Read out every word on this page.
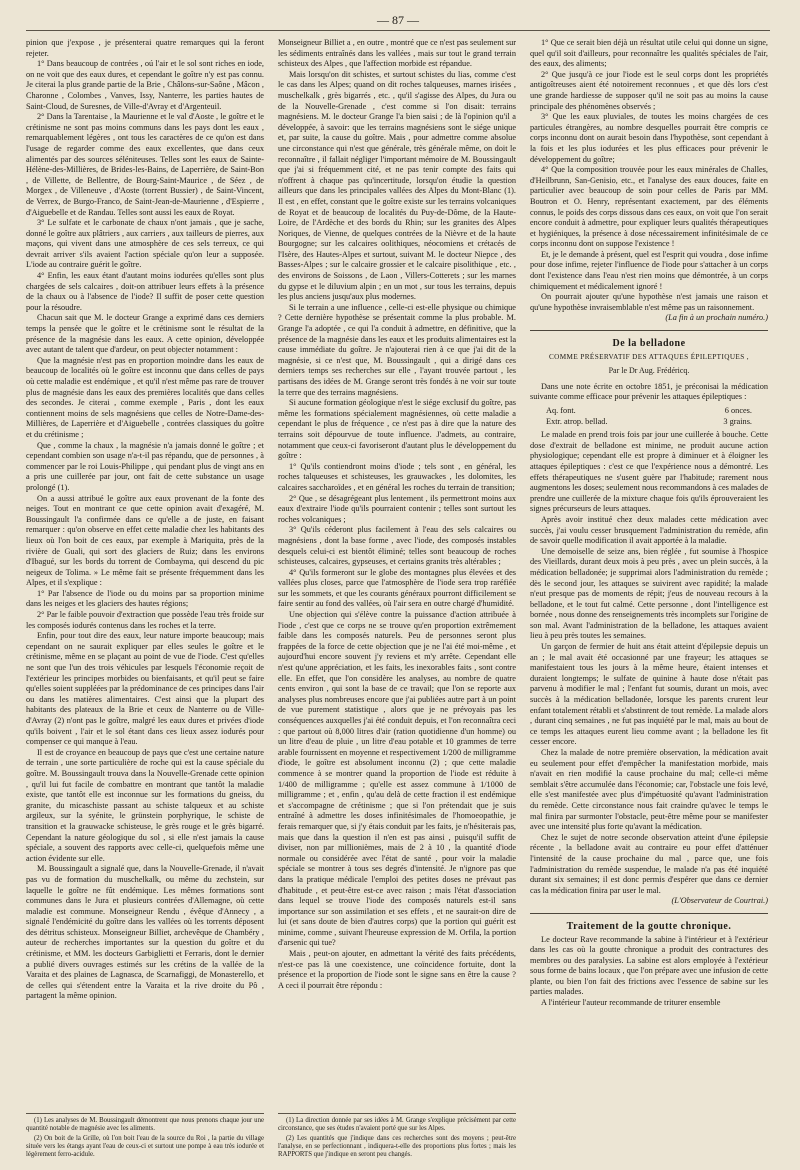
— 87 —

pinion que j'expose , je présenterai quatre remarques qui la feront rejeter.

1° Dans beaucoup de contrées , oú l'air et le sol sont riches en iode, on ne voit que des eaux dures, et cependant le goître n'y est pas connu. Je citerai la plus grande partie de la Brie , Châlons-sur-Saône , Mâcon , Charonne , Colombes , Vanves, Issy, Nanterre, les parties hautes de Saint-Cloud, de Suresnes, de Ville-d'Avray et d'Argenteuil.

2° Dans la Tarentaise , la Maurienne et le val d'Aoste , le goître et le crétinisme ne sont pas moins communs dans les pays dont les eaux , remarquablement légères , ont tous les caractères de ce qu'on est dans l'usage de regarder comme des eaux excellentes, que dans ceux alimentés par des sources séléniteuses. Telles sont les eaux de Sainte-Hélène-des-Millières, de Brides-les-Bains, de Laperrière, de Saint-Bon , de Villette, de Bellentre, de Bourg-Saint-Maurice , de Séez , de Morgex , de Villeneuve , d'Aoste (torrent Bussier) , de Saint-Vincent, de Verrex, de Burgo-Franco, de Saint-Jean-de-Maurienne , d'Espierre , d'Aiguebelle et de Randau. Telles sont aussi les eaux de Royat.

3° Le sulfate et le carbonate de chaux n'ont jamais , que je sache, donné le goître aux plâtriers , aux carriers , aux tailleurs de pierres, aux maçons, qui vivent dans une atmosphère de ces sels terreux, ce qui devrait arriver s'ils avaient l'action spéciale qu'on leur a supposée. L'iode au contraire guérit le goître.

4° Enfin, les eaux étant d'autant moins iodurées qu'elles sont plus chargées de sels calcaires , doit-on attribuer leurs effets à la présence de la chaux ou à l'absence de l'iode? Il suffit de poser cette question pour la résoudre.

Chacun sait que M. le docteur Grange a exprimé dans ces derniers temps la pensée que le goître et le crétinisme sont le résultat de la présence de la magnésie dans les eaux. A cette opinion, développée avec autant de talent que d'ardeur, on peut objecter notamment :

Que la magnésie n'est pas en proportion moindre dans les eaux de beaucoup de localités où le goître est inconnu que dans celles de pays où cette maladie est endémique , et qu'il n'est même pas rare de trouver plus de magnésie dans les eaux des premières localités que dans celles des secondes. Je citerai , comme exemple , Paris , dont les eaux contiennent moins de sels magnésiens que celles de Notre-Dame-des-Millières, de Laperrière et d'Aiguebelle , contrées classiques du goître et du crétinisme ;

Que , comme la chaux , la magnésie n'a jamais donné le goître ; et cependant combien son usage n'a-t-il pas répandu, que de personnes , à commencer par le roi Louis-Philippe , qui pendant plus de vingt ans en a pris une cuillerée par jour, ont fait de cette substance un usage prolongé (1).

On a aussi attribué le goître aux eaux provenant de la fonte des neiges. Tout en montrant ce que cette opinion avait d'exagéré, M. Boussingault l'a confirmée dans ce qu'elle a de juste, en faisant remarquer : qu'on observe en effet cette maladie chez les habitants des lieux où l'on boit de ces eaux, par exemple à Mariquita, près de la rivière de Guali, qui sort des glaciers de Ruiz; dans les environs d'Ibagué, sur les bords du torrent de Combayma, qui descend du pic neigeux de Tolima. » Le même fait se présente fréquemment dans les Alpes, et il s'explique :

1° Par l'absence de l'iode ou du moins par sa proportion minime dans les neiges et les glaciers des hautes régions;

2° Par le faible pouvoir d'extraction que possède l'eau très froide sur les composés iodurés contenus dans les roches et la terre.

Enfin, pour tout dire des eaux, leur nature importe beaucoup; mais cependant on ne saurait expliquer par elles seules le goître et le crétinisme, même en se plaçant au point de vue de l'iode. C'est qu'elles ne sont que l'un des trois véhicules par lesquels l'économie reçoit de l'extérieur les principes morbides ou bienfaisants, et qu'il peut se faire qu'elles soient suppléées par la prédominance de ces principes dans l'air ou dans les matières alimentaires. C'est ainsi que la plupart des habitants des plateaux de la Brie et ceux de Nanterre ou de Ville-d'Avray (2) n'ont pas le goître, malgré les eaux dures et privées d'iode qu'ils boivent , l'air et le sol étant dans ces lieux assez iodurés pour compenser ce qui manque à l'eau.

Il est de croyance en beaucoup de pays que c'est une certaine nature de terrain , une sorte particulière de roche qui est la cause spéciale du goître. M. Boussingault trouva dans la Nouvelle-Grenade cette opinion , qu'il lui fut facile de combattre en montrant que tantôt la maladie existe, que tantôt elle est inconnue sur les formations du gneiss, du granite, du micaschiste passant au schiste talqueux et au schiste argileux, sur la syénite, le grünstein porphyrique, le schiste de transition et la grauwacke schisteuse, le grès rouge et le grès bigarré. Cependant la nature géologique du sol , si elle n'est jamais la cause spéciale, a souvent des rapports avec celle-ci, quelquefois même une action évidente sur elle.

M. Boussingault a signalé que, dans la Nouvelle-Grenade, il n'avait pas vu de formation du muschelkalk, ou même du zechstein, sur laquelle le goître ne fût endémique. Les mêmes formations sont communes dans le Jura et plusieurs contrées d'Allemagne, où cette maladie est commune. Monseigneur Rendu , évêque d'Annecy , a signalé l'endémicité du goître dans les vallées où les torrents déposent des détritus schisteux. Monseigneur Billiet, archevêque de Chambéry , auteur de recherches importantes sur la question du goître et du crétinisme, et MM. les docteurs Garbiglietti et Ferraris, dont le dernier a publié divers ouvrages estimés sur les crétins de la vallée de la Varaita et des plaines de Lagnasca, de Scarnafiggi, de Monasterello, et de celles qui s'étendent entre la Varaita et la rive droite du Pô , partagent la même opinion.

(1) Les analyses de M. Boussingault démontrent que nous prenons chaque jour une quantité notable de magnésie avec les aliments.

(2) On boit de la Grille, où l'on boit l'eau de la source du Roi , la partie du village située vers les étangs ayant l'eau de ceux-ci et surtout une pompe à eau très iodurée et légèrement ferro-acidule.

Monseigneur Billiet a , en outre , montré que ce n'est pas seulement sur les sédiments entraînés dans les vallées , mais sur tout le grand terrain schisteux des Alpes , que l'affection morbide est répandue.

Mais lorsqu'on dit schistes, et surtout schistes du lias, comme c'est le cas dans les Alpes; quand on dit roches talqueuses, marnes irisées , muschelkalk , grès bigarrés , etc. , qu'il s'agisse des Alpes, du Jura ou de la Nouvelle-Grenade , c'est comme si l'on disait: terrains magnésiens. M. le docteur Grange l'a bien saisi ; de là l'opinion qu'il a développée, à savoir: que les terrains magnésiens sont le siége unique et, par suite, la cause du goître. Mais , pour admettre comme absolue une circonstance qui n'est que générale, très générale même, on doit le reconnaître , il fallait négliger l'important mémoire de M. Boussingault que j'ai si fréquemment cité, et ne pas tenir compte des faits qui n'offrent à chaque pas qu'incertitude, lorsqu'on étudie la question ailleurs que dans les principales vallées des Alpes du Mont-Blanc (1). Il est , en effet, constant que le goître existe sur les terrains volcaniques de Royat et de beaucoup de localités du Puy-de-Dôme, de la Haute-Loire, de l'Ardèche et des bords du Rhin; sur les granites des Alpes Noriques, de Vienne, de quelques contrées de la Nièvre et de la haute Bourgogne; sur les calcaires oolithiques, néocomiens et crétacés de l'Isère, des Hautes-Alpes et surtout, suivant M. le docteur Niepce , des Basses-Alpes ; sur le calcaire grossier et le calcaire pisolithique , etc. , des environs de Soissons , de Laon , Villers-Cotterets ; sur les marnes du gypse et le diluvium alpin ; en un mot , sur tous les terrains, depuis les plus anciens jusqu'aux plus modernes.

Si le terrain a une influence , celle-ci est-elle physique ou chimique ? Cette dernière hypothèse se présentait comme la plus probable. M. Grange l'a adoptée , ce qui l'a conduit à admettre, en définitive, que la présence de la magnésie dans les eaux et les produits alimentaires est la cause immédiate du goître. Je n'ajouterai rien à ce que j'ai dit de la magnésie, si ce n'est que, M. Boussingault , qui a dirigé dans ces derniers temps ses recherches sur elle , l'ayant trouvée partout , les partisans des idées de M. Grange seront très fondés à ne voir sur toute la terre que des terrains magnésiens.

Si aucune formation géologique n'est le siége exclusif du goître, pas même les formations spécialement magnésiennes, où cette maladie a cependant le plus de fréquence , ce n'est pas à dire que la nature des terrains soit dépourvue de toute influence. J'admets, au contraire, notamment que ceux-ci favoriseront d'autant plus le développement du goître :

1° Qu'ils contiendront moins d'iode ; tels sont , en général, les roches talqueuses et schisteuses, les grauwackes , les dolomites, les calcaires saccharoïdes , et en général les roches du terrain de transition;

2° Que , se désagrégeant plus lentement , ils permettront moins aux eaux d'extraire l'iode qu'ils pourraient contenir ; telles sont surtout les roches volcaniques ;

3° Qu'ils céderont plus facilement à l'eau des sels calcaires ou magnésiens , dont la base forme , avec l'iode, des composés instables desquels celui-ci est bientôt éliminé; telles sont beaucoup de roches schisteuses, calcaires, gypseuses, et certains granits très altérables ;

4° Qu'ils formeront sur le globe des montagnes plus élevées et des vallées plus closes, parce que l'atmosphère de l'iode sera trop raréfiée sur les sommets, et que les courants généraux pourront difficilement se faire sentir au fond des vallées, où l'air sera en outre chargé d'humidité.

Une objection qui s'élève contre la puissance d'action attribuée à l'iode , c'est que ce corps ne se trouve qu'en proportion extrêmement faible dans les composés naturels. Peu de personnes seront plus frappées de la force de cette objection que je ne l'ai été moi-même , et aujourd'hui encore souvent j'y reviens et m'y arrête. Cependant elle n'est qu'une appréciation, et les faits, les inexorables faits , sont contre elle. En effet, que l'on considère les analyses, au nombre de quatre cents environ , qui sont la base de ce travail; que l'on se reporte aux analyses plus nombreuses encore que j'ai publiées autre part à un point de vue purement statistique , alors que je ne prévoyais pas les conséquences auxquelles j'ai été conduit depuis, et l'on reconnaîtra ceci : que partout où 8,000 litres d'air (ration quotidienne d'un homme) ou un litre d'eau de pluie , un litre d'eau potable et 10 grammes de terre arable fournissent en moyenne et respectivement 1/200 de milligramme d'iode, le goître est absolument inconnu (2) ; que cette maladie commence à se montrer quand la proportion de l'iode est réduite à 1/400 de milligramme ; qu'elle est assez commune à 1/1000 de milligramme ; et , enfin , qu'au delà de cette fraction il est endémique et s'accompagne de crétinisme ; que si l'on prétendait que je suis entraîné à admettre les doses infinitésimales de l'homoeopathie, je ferais remarquer que, si j'y étais conduit par les faits, je n'hésiterais pas, mais que dans la question il n'en est pas ainsi , puisqu'il suffit de diviser, non par millionièmes, mais de 2 à 10 , la quantité d'iode normale ou considérée avec l'état de santé , pour voir la maladie spéciale se montrer à tous ses degrés d'intensité. Je n'ignore pas que dans la pratique médicale l'emploi des petites doses ne prévaut pas d'habitude , et peut-être est-ce avec raison ; mais l'état d'association dans lequel se trouve l'iode des composés naturels est-il sans importance sur son assimilation et ses effets , et ne saurait-on dire de lui (et sans doute de bien d'autres corps) que la portion qui guérit est minime, comme , suivant l'heureuse expression de M. Orfila, la portion d'arsenic qui tue?

Mais , peut-on ajouter, en admettant la vérité des faits précédents, n'est-ce pas là une coexistence, une coïncidence fortuite, dont la présence et la proportion de l'iode sont le signe sans en être la cause ? A ceci il pourrait être répondu :

(1) La direction donnée par ses idées à M. Grange s'explique précisément par cette circonstance, que ses études n'avaient porté que sur les Alpes.

(2) Les quantités que j'indique dans ces recherches sont des moyens ; peut-être l'analyse, en se perfectionnant , indiquera-t-elle des proportions plus fortes ; mais les RAPPORTS que j'indique en seront peu changés.

1° Que ce serait bien déjà un résultat utile celui qui donne un signe, quel qu'il soit d'ailleurs, pour reconnaître les qualités spéciales de l'air, des eaux, des aliments;

2° Que jusqu'à ce jour l'iode est le seul corps dont les propriétés antigoîtreuses aient été notoirement reconnues , et que dès lors c'est une grande hardiesse de supposer qu'il ne soit pas au moins la cause principale des phénomènes observés ;

3° Que les eaux pluviales, de toutes les moins chargées de ces particules étrangères, au nombre desquelles pourrait être compris ce corps inconnu dont on aurait besoin dans l'hypothèse, sont cependant à la fois et les plus iodurées et les plus efficaces pour prévenir le développement du goître;

4° Que la composition trouvée pour les eaux minérales de Challes, d'Heilbrunn, San-Genisio, etc., et l'analyse des eaux douces, faite en particulier avec beaucoup de soin pour celles de Paris par MM. Boutron et O. Henry, représentant exactement, par des éléments connus, le poids des corps dissous dans ces eaux, on voit que l'on serait encore conduit à admettre, pour expliquer leurs qualités thérapeutiques et hygiéniques, la présence à dose nécessairement infinitésimale de ce corps inconnu dont on suppose l'existence !

Et, je le demande à présent, quel est l'esprit qui voudra , dose infime pour dose infime, rejeter l'influence de l'iode pour s'attacher à un corps dont l'existence dans l'eau n'est rien moins que démontrée, à un corps chimiquement et médicalement ignoré !

On pourrait ajouter qu'une hypothèse n'est jamais une raison et qu'une hypothèse invraisemblable n'est même pas un raisonnement.

(La fin à un prochain numéro.)

De la belladone
COMME PRÉSERVATIF DES ATTAQUES ÉPILEPTIQUES ,
Par le Dr Aug. Frédéricq.

Dans une note écrite en octobre 1851, je préconisai la médication suivante comme efficace pour prévenir les attaques épileptiques :

Aq. font.	6 onces.
Extr. atrop. bellad.	3 grains.

Le malade en prend trois fois par jour une cuillerée à bouche. Cette dose d'extrait de belladone est minime, ne produit aucune action physiologique; cependant elle est propre à diminuer et à éloigner les attaques épileptiques : c'est ce que l'expérience nous a démontré. Les effets thérapeutiques ne s'usent guère par l'habitude; rarement nous augmentons les doses; seulement nous recommandons à ces malades de prendre une cuillerée de la mixture chaque fois qu'ils éprouveraient les signes précurseurs de leurs attaques.

Après avoir institué chez deux malades cette médication avec succès, j'ai voulu cesser brusquement l'administration du remède, afin de savoir quelle modification il avait apportée à la maladie.

Une demoiselle de seize ans, bien réglée , fut soumise à l'hospice des Vieillards, durant deux mois à peu près , avec un plein succès, à la médication belladonée; je supprimai alors l'administration du remède ; dès le second jour, les attaques se suivirent avec rapidité; la malade n'eut presque pas de moments de répit; j'eus de nouveau recours à la belladone, et le tout fut calmé. Cette personne , dont l'intelligence est bornée , nous donne des renseignements très incomplets sur l'origine de son mal. Avant l'administration de la belladone, les attaques avaient lieu à peu près toutes les semaines.

Un garçon de fermier de huit ans était atteint d'épilepsie depuis un an ; le mal avait été occasionné par une frayeur; les attaques se manifestaient tous les jours à la même heure, étaient intenses et duraient longtemps; le sulfate de quinine à haute dose n'était pas parvenu à modifier le mal ; l'enfant fut soumis, durant un mois, avec succès à la médication belladonée, lorsque les parents crurent leur enfant totalement rétabli et s'abstinrent de tout remède. La malade alors , durant cinq semaines , ne fut pas inquiété par le mal, mais au bout de ce temps les attaques eurent lieu comme avant ; la belladone les fit cesser encore.

Chez la malade de notre première observation, la médication avait eu seulement pour effet d'empêcher la manifestation morbide, mais n'avait en rien modifié la cause prochaine du mal; celle-ci même semblait s'être accumulée dans l'économie; car, l'obstacle une fois levé, elle s'est manifestée avec plus d'impétuosité qu'avant l'administration du remède. Cette circonstance nous fait craindre qu'avec le temps le mal finira par surmonter l'obstacle, peut-être même pour se manifester avec une intensité plus forte qu'avant la médication.

Chez le sujet de notre seconde observation atteint d'une épilepsie récente , la belladone avait au contraire eu pour effet d'atténuer l'intensité de la cause prochaine du mal , parce que, une fois l'administration du remède suspendue, le malade n'a pas été inquiété durant six semaines; il est donc permis d'espérer que dans ce dernier cas la médication finira par user le mal.

(L'Observateur de Courtrai.)

Traitement de la goutte chronique.

Le docteur Rave recommande la sabine à l'intérieur et à l'extérieur dans les cas où la goutte chronique a produit des contractures des membres ou des paralysies. La sabine est alors employée à l'extérieur sous forme de bains locaux , que l'on prépare avec une infusion de cette plante, ou bien l'on fait des frictions avec l'essence de sabine sur les parties malades.

A l'intérieur l'auteur recommande de triturer ensemble
